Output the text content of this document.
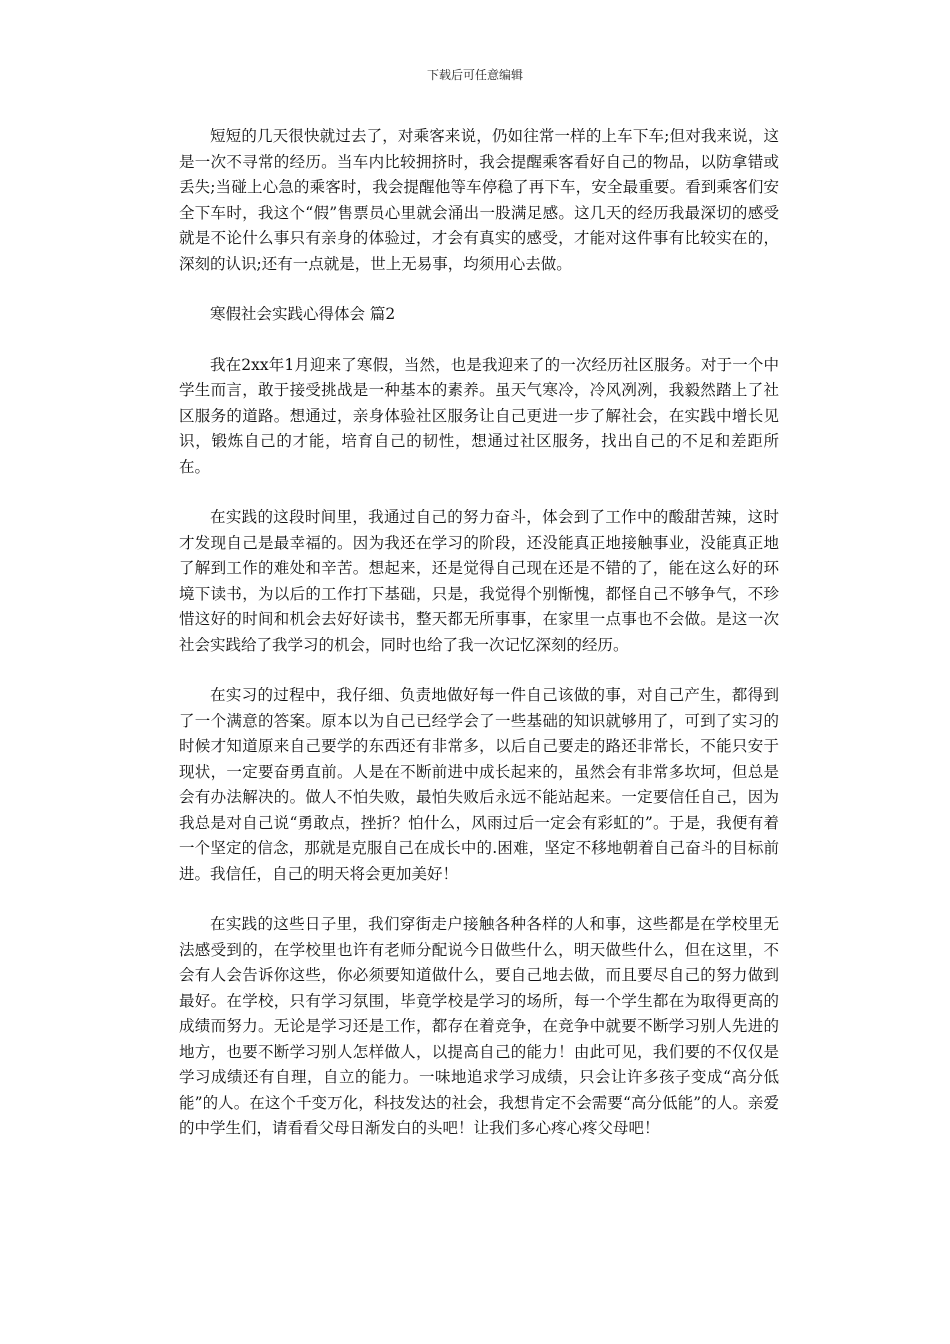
下载后可任意编辑

短短的几天很快就过去了，对乘客来说，仍如往常一样的上车下车;但对我来说，这是一次不寻常的经历。当车内比较拥挤时，我会提醒乘客看好自己的物品，以防拿错或丢失;当碰上心急的乘客时，我会提醒他等车停稳了再下车，安全最重要。看到乘客们安全下车时，我这个“假”售票员心里就会涌出一股满足感。这几天的经历我最深切的感受就是不论什么事只有亲身的体验过，才会有真实的感受，才能对这件事有比较实在的，深刻的认识;还有一点就是，世上无易事，均须用心去做。

寒假社会实践心得体会 篇2

我在2xx年1月迎来了寒假，当然，也是我迎来了的一次经历社区服务。对于一个中学生而言，敢于接受挑战是一种基本的素养。虽天气寒冷，冷风冽冽，我毅然踏上了社区服务的道路。想通过，亲身体验社区服务让自己更进一步了解社会，在实践中增长见识，锻炼自己的才能，培育自己的韧性，想通过社区服务，找出自己的不足和差距所在。

在实践的这段时间里，我通过自己的努力奋斗，体会到了工作中的酸甜苦辣，这时才发现自己是最幸福的。因为我还在学习的阶段，还没能真正地接触事业，没能真正地了解到工作的难处和辛苦。想起来，还是觉得自己现在还是不错的了，能在这么好的环境下读书，为以后的工作打下基础，只是，我觉得个别惭愧，都怪自己不够争气，不珍惜这好的时间和机会去好好读书，整天都无所事事，在家里一点事也不会做。是这一次社会实践给了我学习的机会，同时也给了我一次记忆深刻的经历。

在实习的过程中，我仔细、负责地做好每一件自己该做的事，对自己产生，都得到了一个满意的答案。原本以为自己已经学会了一些基础的知识就够用了，可到了实习的时候才知道原来自己要学的东西还有非常多，以后自己要走的路还非常长，不能只安于现状，一定要奋勇直前。人是在不断前进中成长起来的，虽然会有非常多坎坷，但总是会有办法解决的。做人不怕失败，最怕失败后永远不能站起来。一定要信任自己，因为我总是对自己说“勇敢点，挫折？怕什么，风雨过后一定会有彩虹的”。于是，我便有着一个坚定的信念，那就是克服自己在成长中的.困难，坚定不移地朝着自己奋斗的目标前进。我信任，自己的明天将会更加美好！

在实践的这些日子里，我们穿街走户接触各种各样的人和事，这些都是在学校里无法感受到的，在学校里也许有老师分配说今日做些什么，明天做些什么，但在这里，不会有人会告诉你这些，你必须要知道做什么，要自己地去做，而且要尽自己的努力做到最好。在学校，只有学习氛围，毕竟学校是学习的场所，每一个学生都在为取得更高的成绩而努力。无论是学习还是工作，都存在着竞争，在竞争中就要不断学习别人先进的地方，也要不断学习别人怎样做人，以提高自己的能力！由此可见，我们要的不仅仅是学习成绩还有自理，自立的能力。一味地追求学习成绩，只会让许多孩子变成“高分低能”的人。在这个千变万化，科技发达的社会，我想肯定不会需要“高分低能”的人。亲爱的中学生们，请看看父母日渐发白的头吧！让我们多心疼心疼父母吧！
